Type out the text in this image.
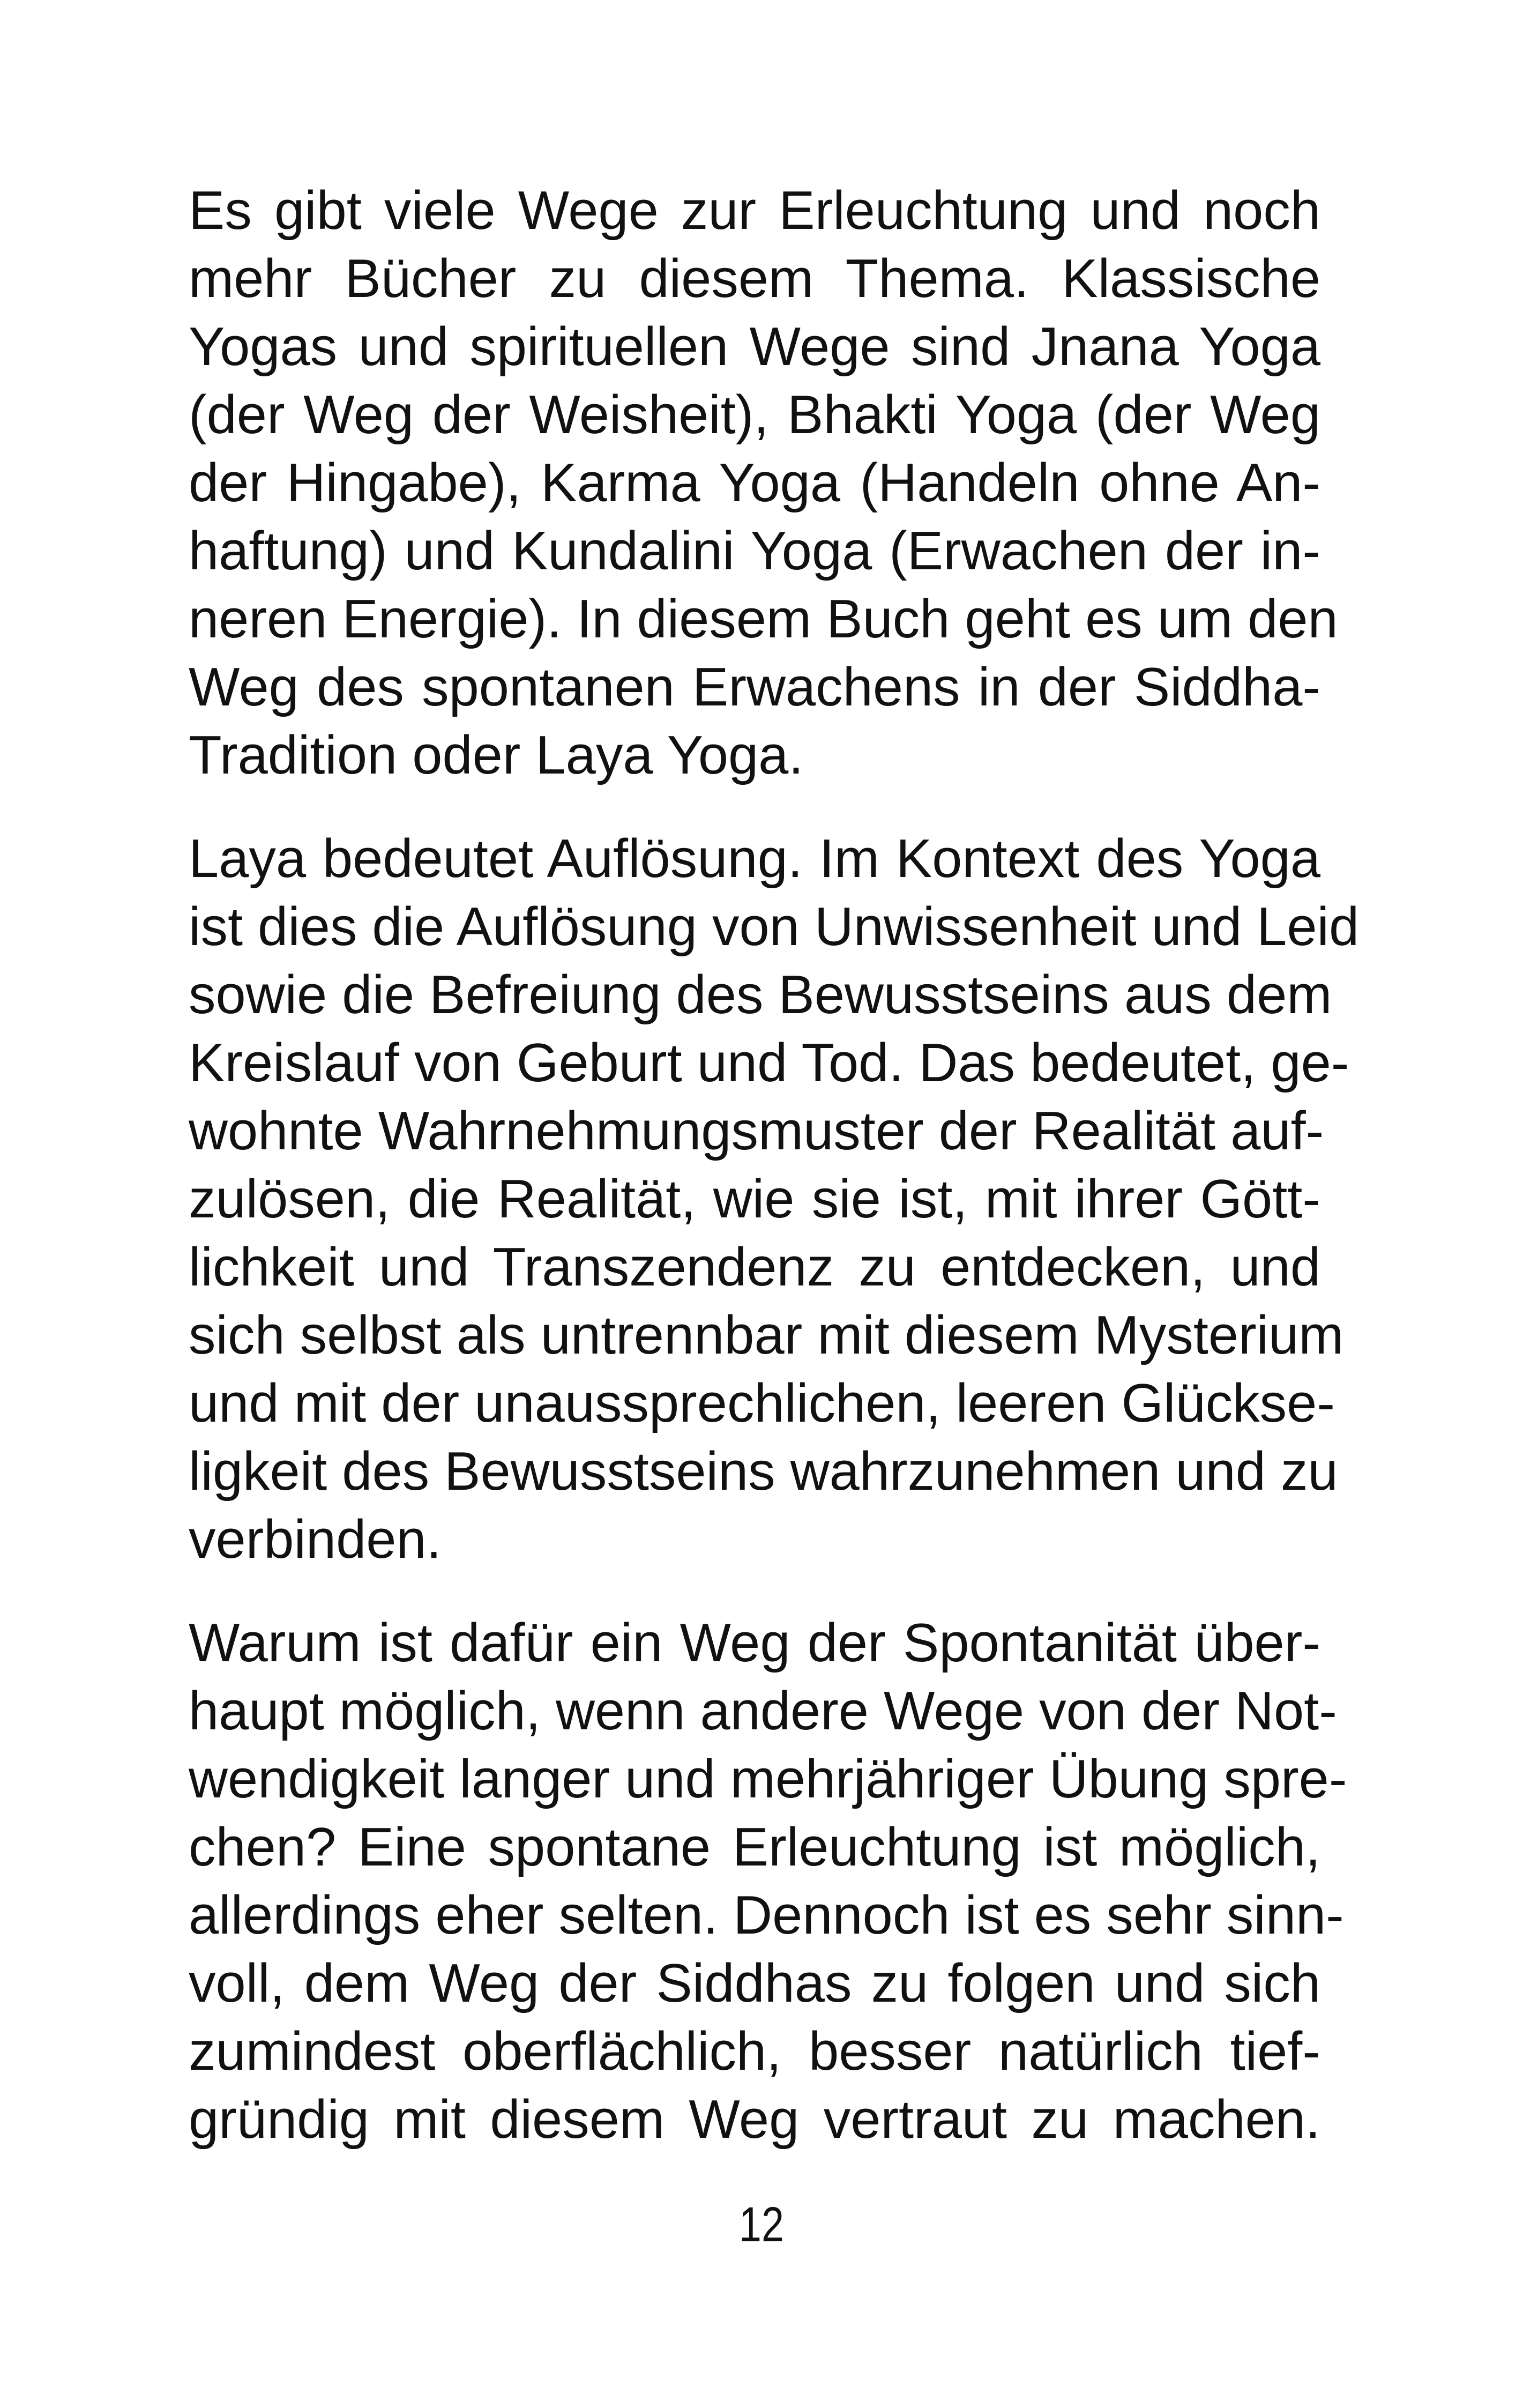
Es gibt viele Wege zur Erleuchtung und noch
mehr Bücher zu diesem Thema. Klassische
Yogas und spirituellen Wege sind Jnana Yoga
(der Weg der Weisheit), Bhakti Yoga (der Weg
der Hingabe), Karma Yoga (Handeln ohne An-
haftung) und Kundalini Yoga (Erwachen der in-
neren Energie). In diesem Buch geht es um den
Weg des spontanen Erwachens in der Siddha-
Tradition oder Laya Yoga.

Laya bedeutet Auflösung. Im Kontext des Yoga
ist dies die Auflösung von Unwissenheit und Leid
sowie die Befreiung des Bewusstseins aus dem
Kreislauf von Geburt und Tod. Das bedeutet, ge-
wohnte Wahrnehmungsmuster der Realität auf-
zulösen, die Realität, wie sie ist, mit ihrer Gött-
lichkeit und Transzendenz zu entdecken, und
sich selbst als untrennbar mit diesem Mysterium
und mit der unaussprechlichen, leeren Glückse-
ligkeit des Bewusstseins wahrzunehmen und zu
verbinden.

Warum ist dafür ein Weg der Spontanität über-
haupt möglich, wenn andere Wege von der Not-
wendigkeit langer und mehrjähriger Übung spre-
chen? Eine spontane Erleuchtung ist möglich,
allerdings eher selten. Dennoch ist es sehr sinn-
voll, dem Weg der Siddhas zu folgen und sich
zumindest oberflächlich, besser natürlich tief-
gründig mit diesem Weg vertraut zu machen.

12
